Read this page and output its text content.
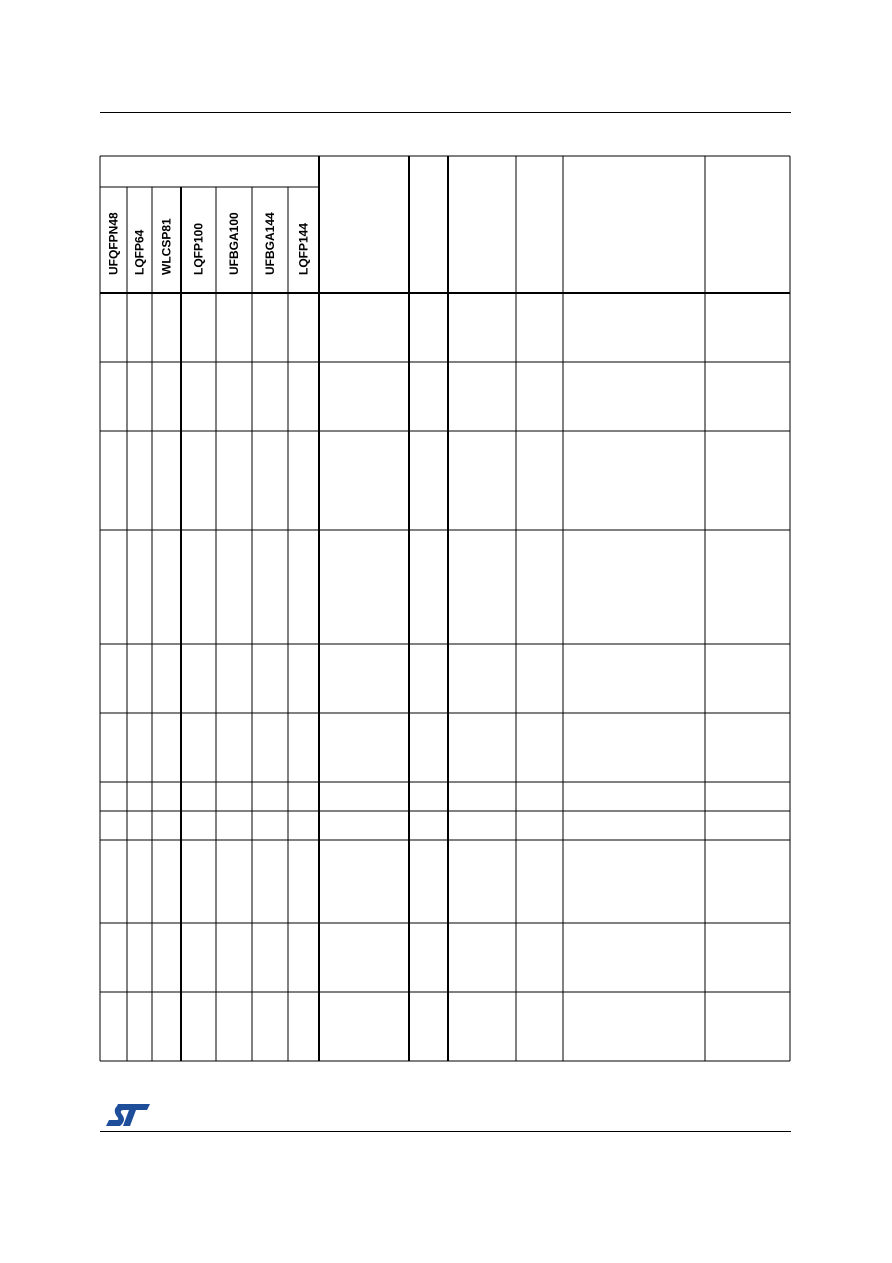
UFQFPN48 LQFP64 WLCSP81 LQFP100 UFBGA100 UFBGA144 LQFP144
